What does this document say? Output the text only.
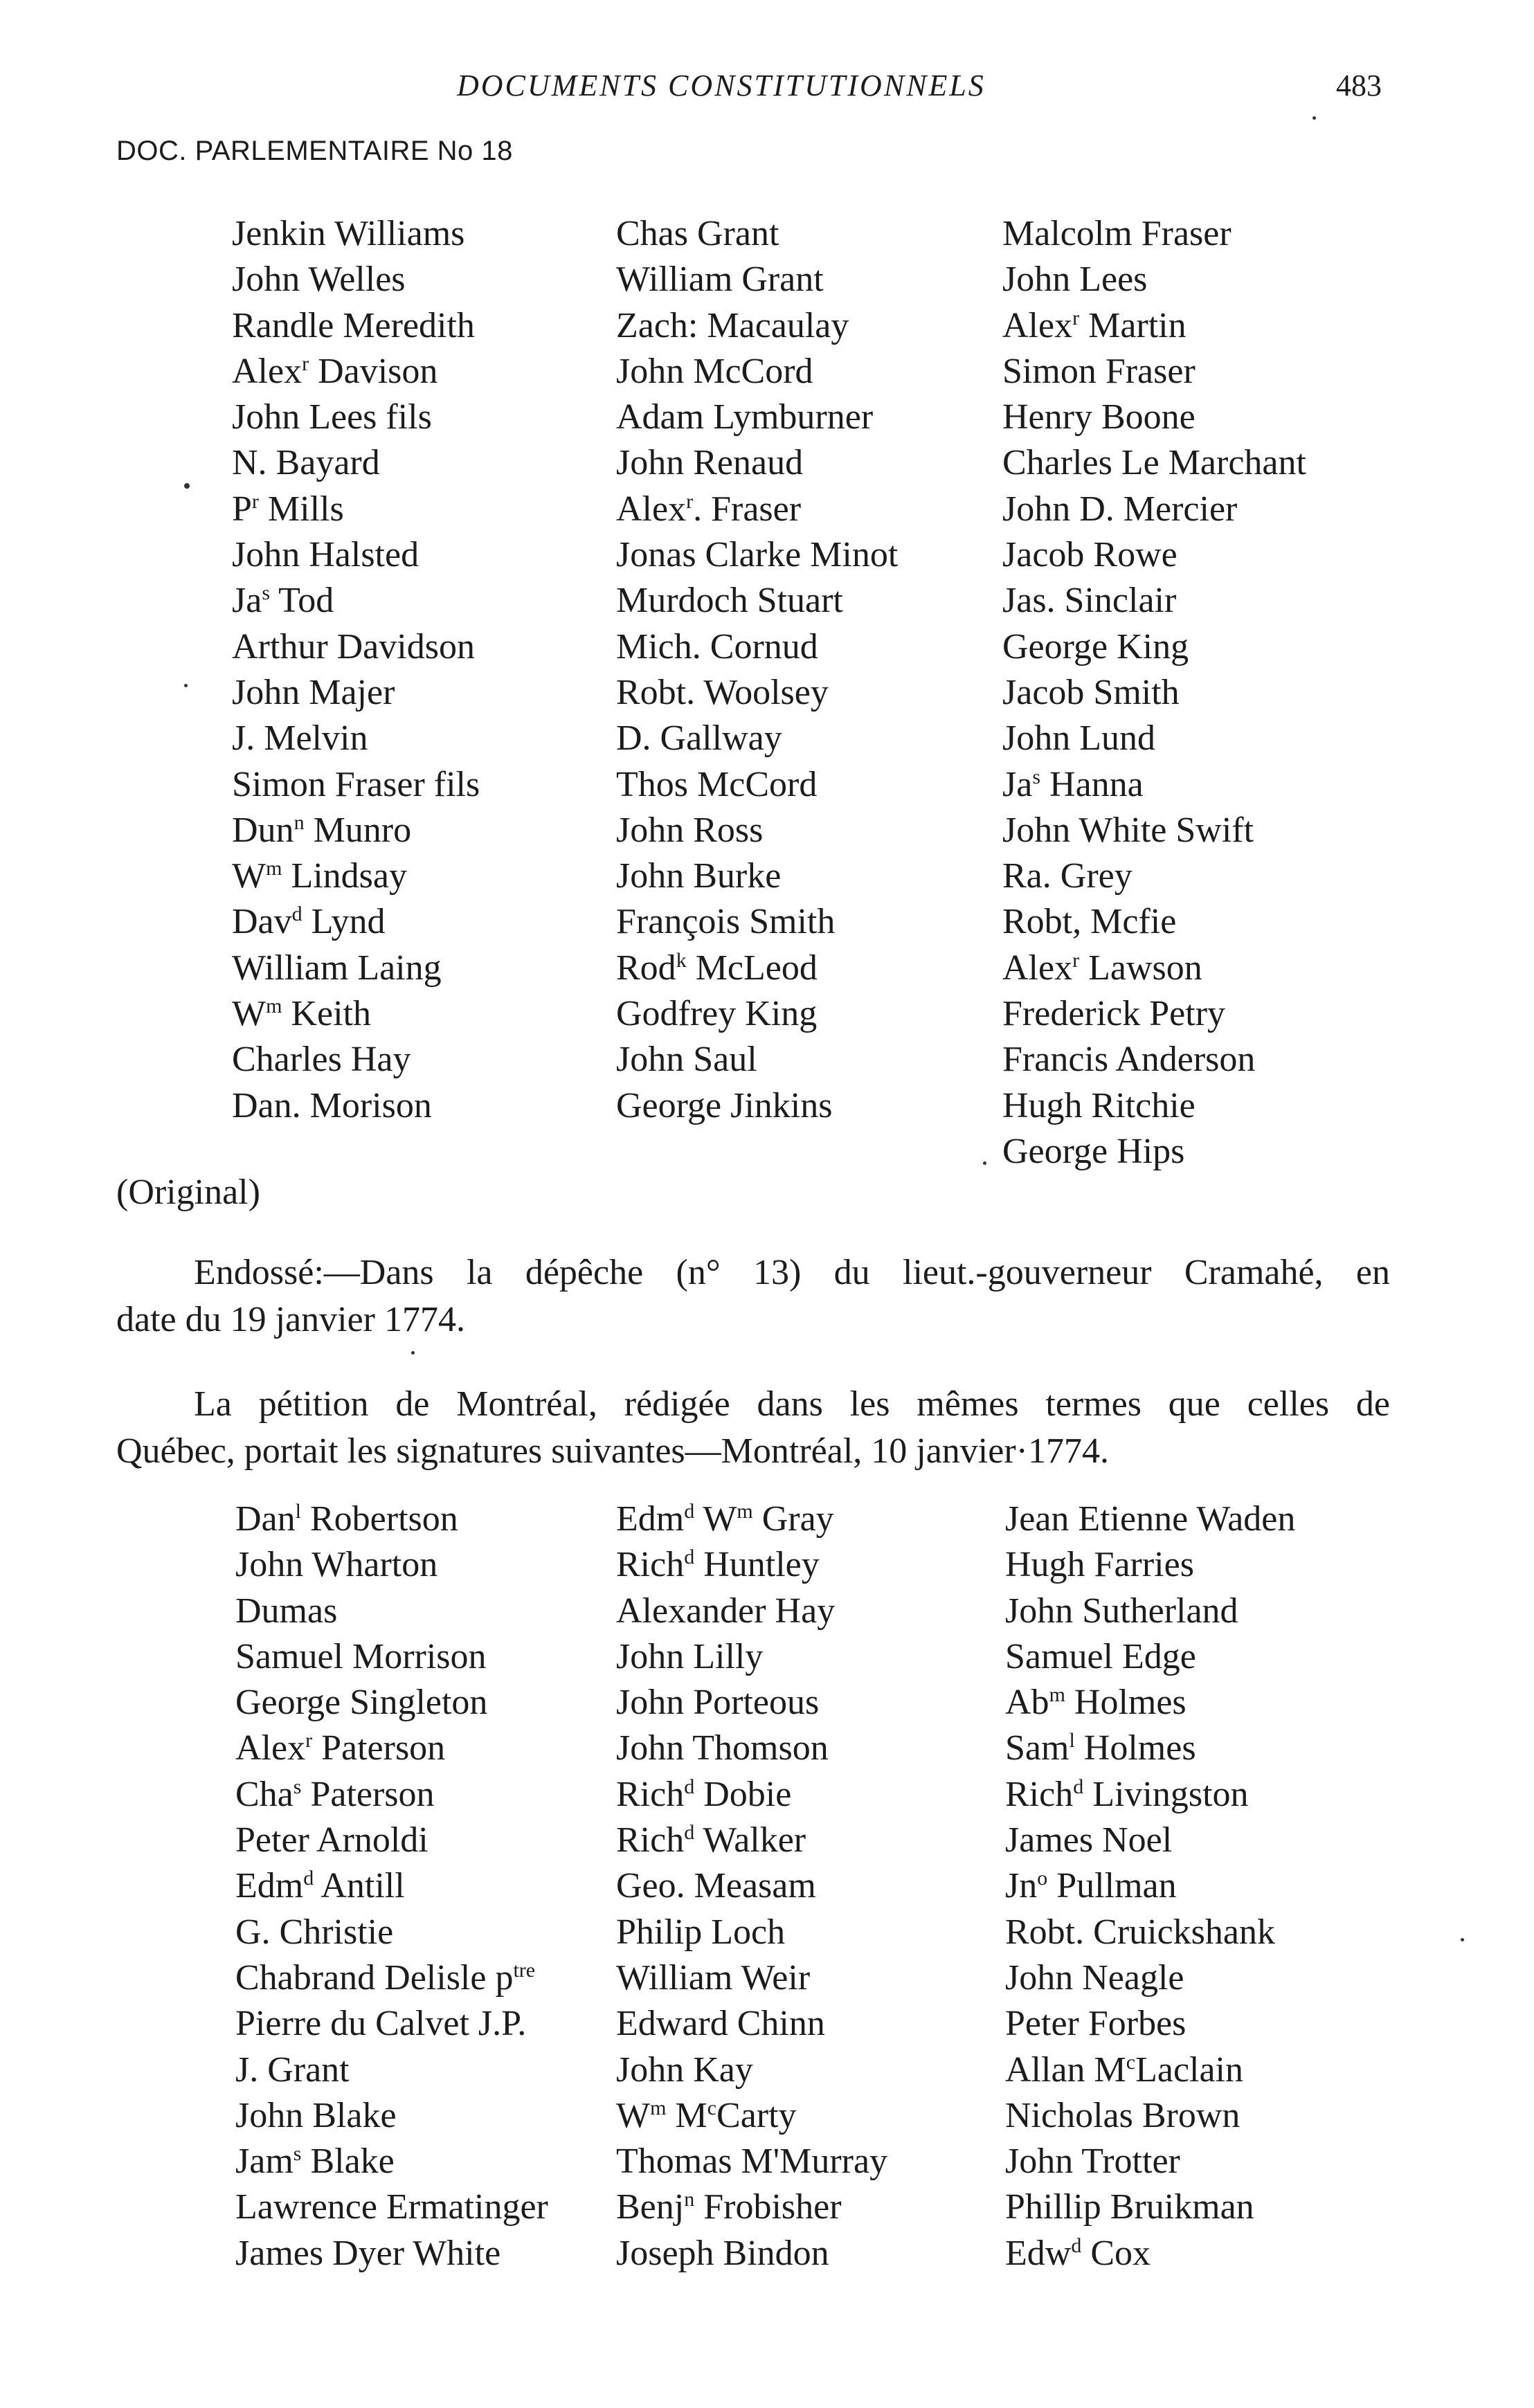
DOCUMENTS CONSTITUTIONNELS	483
DOC. PARLEMENTAIRE No 18
Jenkin Williams
John Welles
Randle Meredith
Alex$^r$ Davison
John Lees fils
N. Bayard
$P^r$ Mills
John Halsted
Ja$^s$ Tod
Arthur Davidson
John Majer
J. Melvin
Simon Fraser fils
Dun$^n$ Munro
$W^m$ Lindsay
Dav$^d$ Lynd
William Laing
$W^m$ Keith
Charles Hay
Dan. Morison
Chas Grant
William Grant
Zach: Macaulay
John McCord
Adam Lymburner
John Renaud
Alex$^r$. Fraser
Jonas Clarke Minot
Murdoch Stuart
Mich. Cornud
Robt. Woolsey
D. Gallway
Thos McCord
John Ross
John Burke
François Smith
Rod$^k$ McLeod
Godfrey King
John Saul
George Jinkins
Malcolm Fraser
John Lees
Alex$^r$ Martin
Simon Fraser
Henry Boone
Charles Le Marchant
John D. Mercier
Jacob Rowe
Jas. Sinclair
George King
Jacob Smith
John Lund
Ja$^s$ Hanna
John White Swift
Ra. Grey
Robt, Mcfie
Alex$^r$ Lawson
Frederick Petry
Francis Anderson
Hugh Ritchie
George Hips
(Original)
Endossé:—Dans la dépêche (n° 13) du lieut.-gouverneur Cramahé, en
date du 19 janvier 1774.
La pétition de Montréal, rédigée dans les mêmes termes que celles de
Québec, portait les signatures suivantes—Montréal, 10 janvier·1774.
Dan$^l$ Robertson
John Wharton
Dumas
Samuel Morrison
George Singleton
Alex$^r$ Paterson
Cha$^s$ Paterson
Peter Arnoldi
Edm$^d$ Antill
G. Christie
Chabrand Delisle $p^{tre}$
Pierre du Calvet J.P.
J. Grant
John Blake
Jam$^s$ Blake
Lawrence Ermatinger
James Dyer White
Edm$^d$ $W^m$ Gray
Rich$^d$ Huntley
Alexander Hay
John Lilly
John Porteous
John Thomson
Rich$^d$ Dobie
Rich$^d$ Walker
Geo. Measam
Philip Loch
William Weir
Edward Chinn
John Kay
$W^m$ $M^cCarty$
Thomas M'Murray
Benj$^n$ Frobisher
Joseph Bindon
Jean Etienne Waden
Hugh Farries
John Sutherland
Samuel Edge
Ab$^m$ Holmes
Sam$^l$ Holmes
Rich$^d$ Livingston
James Noel
Jn$^o$ Pullman
Robt. Cruickshank
John Neagle
Peter Forbes
Allan $M^cLaclain$
Nicholas Brown
John Trotter
Phillip Bruikman
Edw$^d$ Cox
